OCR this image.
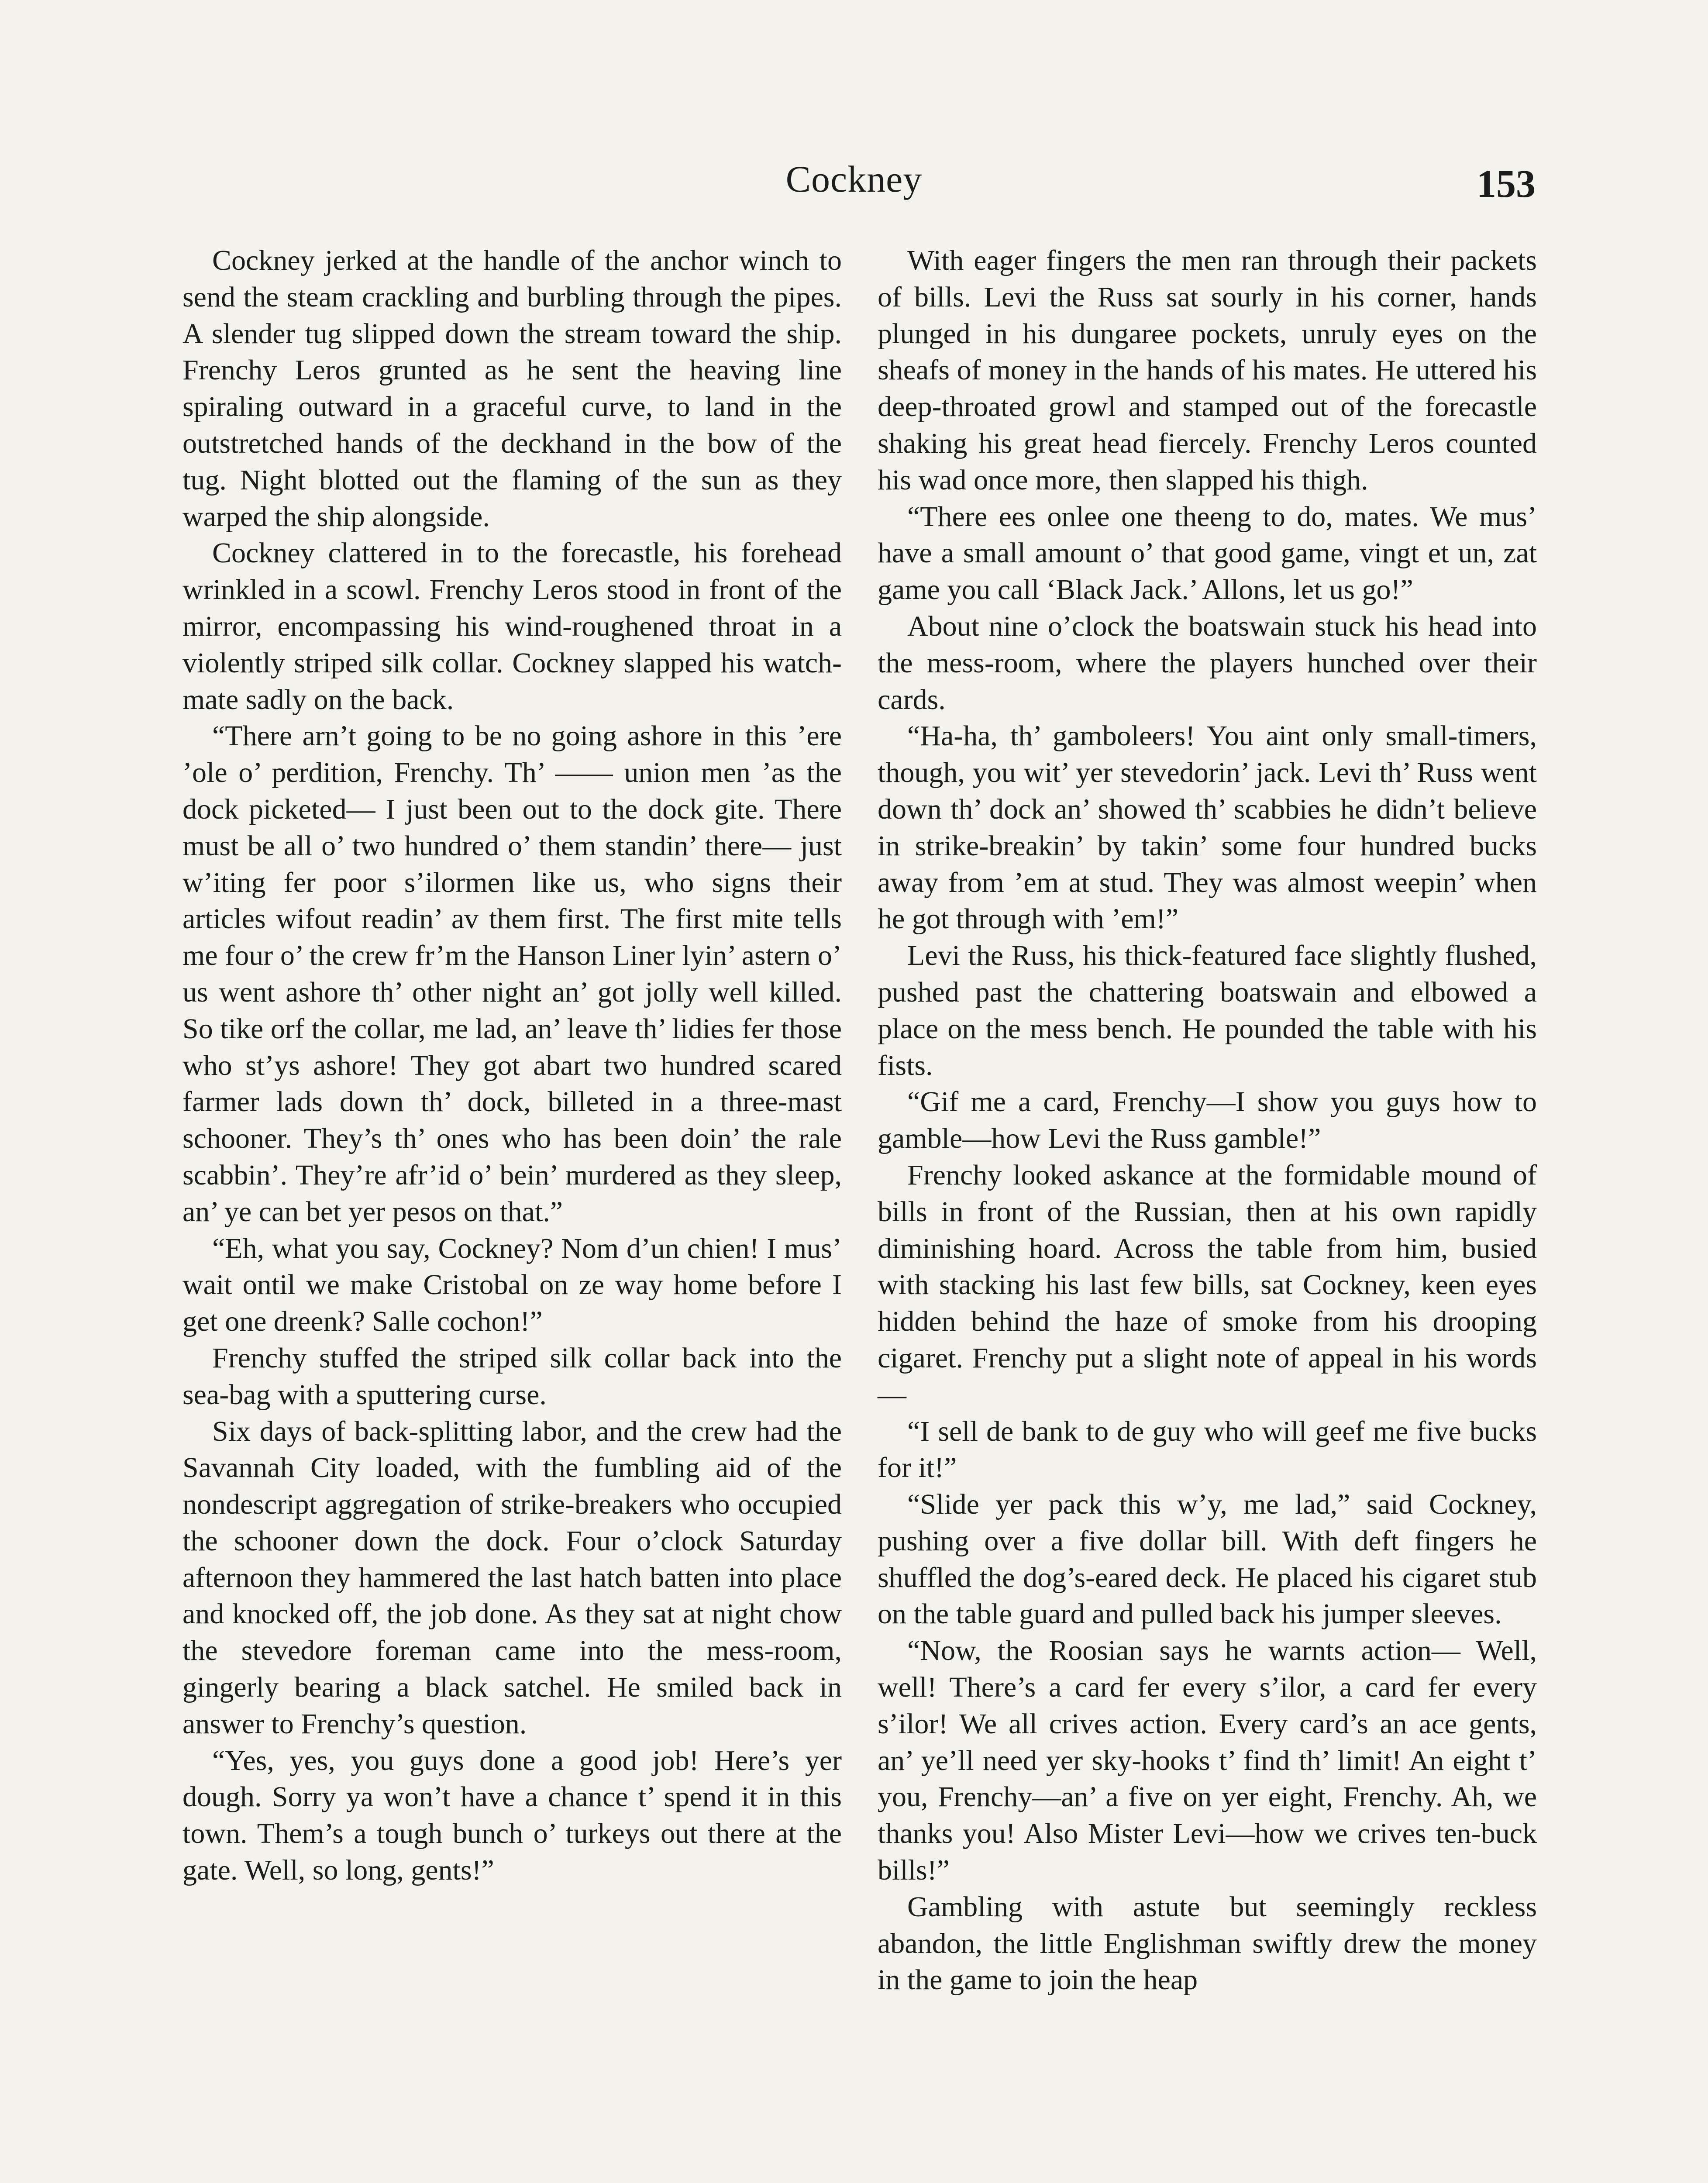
Cockney	153

Cockney jerked at the handle of the anchor winch to send the steam crackling and burbling through the pipes. A slender tug slipped down the stream toward the ship. Frenchy Leros grunted as he sent the heaving line spiraling outward in a graceful curve, to land in the outstretched hands of the deckhand in the bow of the tug. Night blotted out the flaming of the sun as they warped the ship alongside.

Cockney clattered in to the forecastle, his forehead wrinkled in a scowl. Frenchy Leros stood in front of the mirror, encompassing his wind-roughened throat in a violently striped silk collar. Cockney slapped his watch-mate sadly on the back.

“There arn’t going to be no going ashore in this ’ere ’ole o’ perdition, Frenchy. Th’ —— union men ’as the dock picketed— I just been out to the dock gite. There must be all o’ two hundred o’ them standin’ there— just w’iting fer poor s’ilormen like us, who signs their articles wifout readin’ av them first. The first mite tells me four o’ the crew fr’m the Hanson Liner lyin’ astern o’ us went ashore th’ other night an’ got jolly well killed. So tike orf the collar, me lad, an’ leave th’ lidies fer those who st’ys ashore! They got abart two hundred scared farmer lads down th’ dock, billeted in a three-mast schooner. They’s th’ ones who has been doin’ the rale scabbin’. They’re afr’id o’ bein’ murdered as they sleep, an’ ye can bet yer pesos on that.”

“Eh, what you say, Cockney? Nom d’un chien! I mus’ wait ontil we make Cristobal on ze way home before I get one dreenk? Salle cochon!”

Frenchy stuffed the striped silk collar back into the sea-bag with a sputtering curse.

Six days of back-splitting labor, and the crew had the Savannah City loaded, with the fumbling aid of the nondescript aggregation of strike-breakers who occupied the schooner down the dock. Four o’clock Saturday afternoon they hammered the last hatch batten into place and knocked off, the job done. As they sat at night chow the stevedore foreman came into the mess-room, gingerly bearing a black satchel. He smiled back in answer to Frenchy’s question.

“Yes, yes, you guys done a good job! Here’s yer dough. Sorry ya won’t have a chance t’ spend it in this town. Them’s a tough bunch o’ turkeys out there at the gate. Well, so long, gents!”

With eager fingers the men ran through their packets of bills. Levi the Russ sat sourly in his corner, hands plunged in his dungaree pockets, unruly eyes on the sheafs of money in the hands of his mates. He uttered his deep-throated growl and stamped out of the forecastle shaking his great head fiercely. Frenchy Leros counted his wad once more, then slapped his thigh.

“There ees onlee one theeng to do, mates. We mus’ have a small amount o’ that good game, vingt et un, zat game you call ‘Black Jack.’ Allons, let us go!”

About nine o’clock the boatswain stuck his head into the mess-room, where the players hunched over their cards.

“Ha-ha, th’ gamboleers! You aint only small-timers, though, you wit’ yer stevedorin’ jack. Levi th’ Russ went down th’ dock an’ showed th’ scabbies he didn’t believe in strike-breakin’ by takin’ some four hundred bucks away from ’em at stud. They was almost weepin’ when he got through with ’em!”

Levi the Russ, his thick-featured face slightly flushed, pushed past the chattering boatswain and elbowed a place on the mess bench. He pounded the table with his fists.

“Gif me a card, Frenchy—I show you guys how to gamble—how Levi the Russ gamble!”

Frenchy looked askance at the formidable mound of bills in front of the Russian, then at his own rapidly diminishing hoard. Across the table from him, busied with stacking his last few bills, sat Cockney, keen eyes hidden behind the haze of smoke from his drooping cigaret. Frenchy put a slight note of appeal in his words—

“I sell de bank to de guy who will geef me five bucks for it!”

“Slide yer pack this w’y, me lad,” said Cockney, pushing over a five dollar bill. With deft fingers he shuffled the dog’s-eared deck. He placed his cigaret stub on the table guard and pulled back his jumper sleeves.

“Now, the Roosian says he warnts action— Well, well! There’s a card fer every s’ilor, a card fer every s’ilor! We all crives action. Every card’s an ace gents, an’ ye’ll need yer sky-hooks t’ find th’ limit! An eight t’ you, Frenchy—an’ a five on yer eight, Frenchy. Ah, we thanks you! Also Mister Levi—how we crives ten-buck bills!”

Gambling with astute but seemingly reckless abandon, the little Englishman swiftly drew the money in the game to join the heap
